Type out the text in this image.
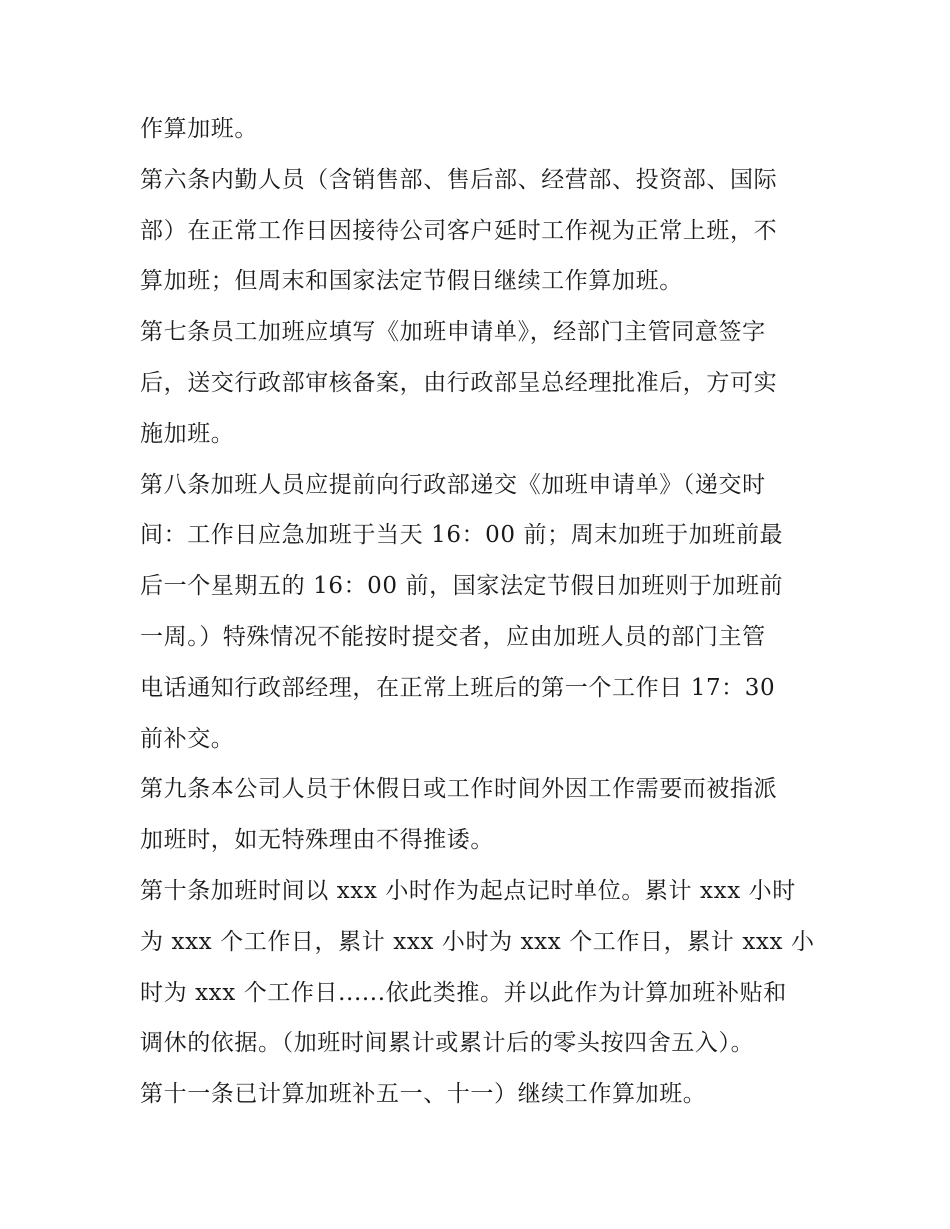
作算加班。
第六条内勤人员（含销售部、售后部、经营部、投资部、国际
部）在正常工作日因接待公司客户延时工作视为正常上班，不
算加班；但周末和国家法定节假日继续工作算加班。
第七条员工加班应填写《加班申请单》，经部门主管同意签字
后，送交行政部审核备案，由行政部呈总经理批准后，方可实
施加班。
第八条加班人员应提前向行政部递交《加班申请单》（递交时
间：工作日应急加班于当天 16：00 前；周末加班于加班前最
后一个星期五的 16：00 前，国家法定节假日加班则于加班前
一周。）特殊情况不能按时提交者，应由加班人员的部门主管
电话通知行政部经理，在正常上班后的第一个工作日 17：30
前补交。
第九条本公司人员于休假日或工作时间外因工作需要而被指派
加班时，如无特殊理由不得推诿。
第十条加班时间以 xxx 小时作为起点记时单位。累计 xxx 小时
为 xxx 个工作日，累计 xxx 小时为 xxx 个工作日，累计 xxx 小
时为 xxx 个工作日......依此类推。并以此作为计算加班补贴和
调休的依据。（加班时间累计或累计后的零头按四舍五入）。
第十一条已计算加班补五一、十一）继续工作算加班。
